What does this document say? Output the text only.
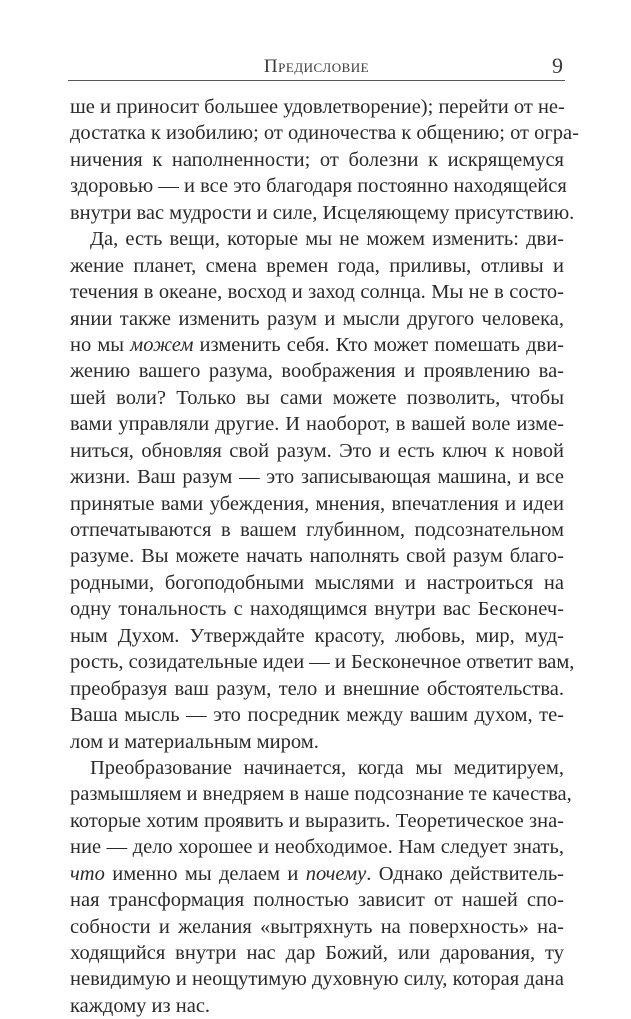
Предисловие	9
ше и приносит большее удовлетворение); перейти от не-
достатка к изобилию; от одиночества к общению; от огра-
ничения к наполненности; от болезни к искрящемуся
здоровью — и все это благодаря постоянно находящейся
внутри вас мудрости и силе, Исцеляющему присутствию.
Да, есть вещи, которые мы не можем изменить: дви-
жение планет, смена времен года, приливы, отливы и
течения в океане, восход и заход солнца. Мы не в состо-
янии также изменить разум и мысли другого человека,
но мы можем изменить себя. Кто может помешать дви-
жению вашего разума, воображения и проявлению ва-
шей воли? Только вы сами можете позволить, чтобы
вами управляли другие. И наоборот, в вашей воле изме-
ниться, обновляя свой разум. Это и есть ключ к новой
жизни. Ваш разум — это записывающая машина, и все
принятые вами убеждения, мнения, впечатления и идеи
отпечатываются в вашем глубинном, подсознательном
разуме. Вы можете начать наполнять свой разум благо-
родными, богоподобными мыслями и настроиться на
одну тональность с находящимся внутри вас Бесконеч-
ным Духом. Утверждайте красоту, любовь, мир, муд-
рость, созидательные идеи — и Бесконечное ответит вам,
преобразуя ваш разум, тело и внешние обстоятельства.
Ваша мысль — это посредник между вашим духом, те-
лом и материальным миром.
Преобразование начинается, когда мы медитируем,
размышляем и внедряем в наше подсознание те качества,
которые хотим проявить и выразить. Теоретическое зна-
ние — дело хорошее и необходимое. Нам следует знать,
что именно мы делаем и почему. Однако действитель-
ная трансформация полностью зависит от нашей спо-
собности и желания «вытряхнуть на поверхность» на-
ходящийся внутри нас дар Божий, или дарования, ту
невидимую и неощутимую духовную силу, которая дана
каждому из нас.
